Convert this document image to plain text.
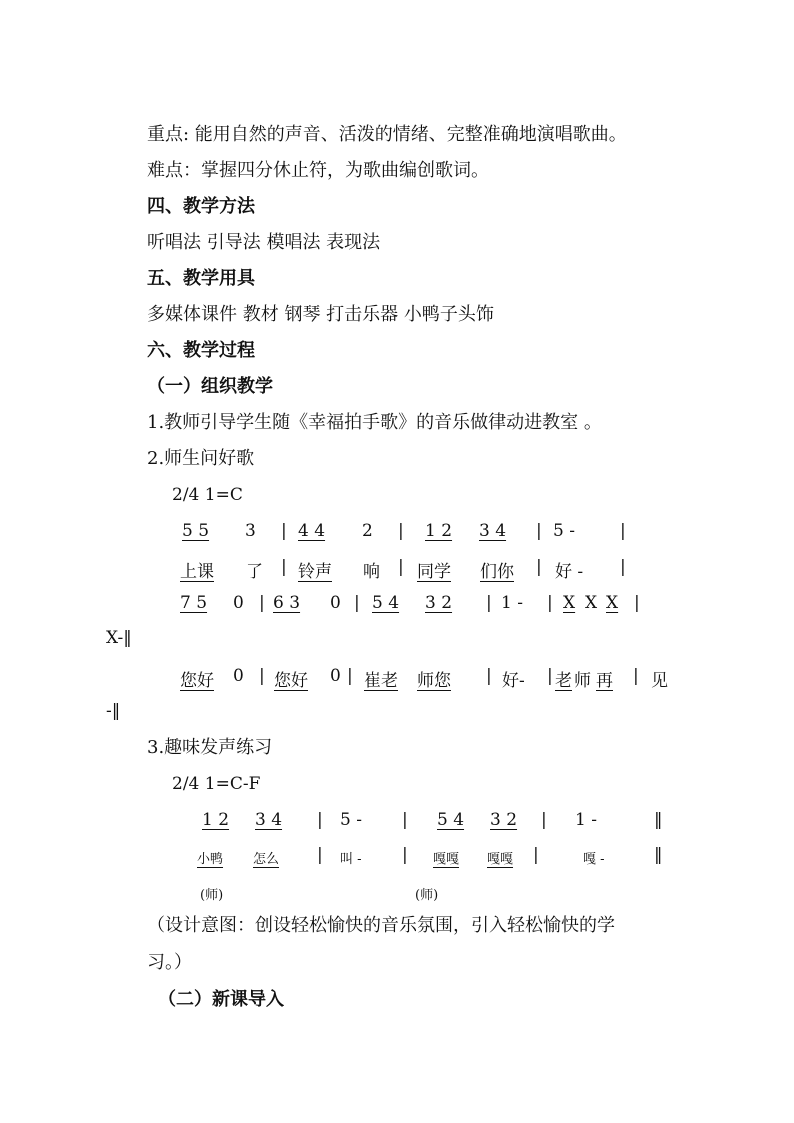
重点: 能用自然的声音、活泼的情绪、完整准确地演唱歌曲。
难点：掌握四分休止符，为歌曲编创歌词。
四、教学方法
听唱法 引导法 模唱法 表现法
五、教学用具
多媒体课件 教材 钢琴 打击乐器 小鸭子头饰
六、教学过程
（一）组织教学
1.教师引导学生随《幸福拍手歌》的音乐做律动进教室 。
2.师生问好歌
2/4 1=C
5 5 3 | 4 4 2 | 1 2 3 4 | 5 -	|
上课 了 | 铃声 响 | 同学 们你 | 好 - |
7 5 0 | 6 3 0 | 5 4 3 2 | 1 - | X X X |
X-‖
您好 0 | 您好 0 | 崔老 师您 | 好- | 老 师 再 | 见
-‖
3.趣味发声练习
2/4 1=C-F
1 2 3 4 | 5 - | 5 4 3 2 | 1 -	‖
小鸭 怎么 | 叫 - | 嘎嘎 嘎嘎 |	嘎 -	‖
(师)	(师)
（设计意图：创设轻松愉快的音乐氛围，引入轻松愉快的学
习。）
（二）新课导入
